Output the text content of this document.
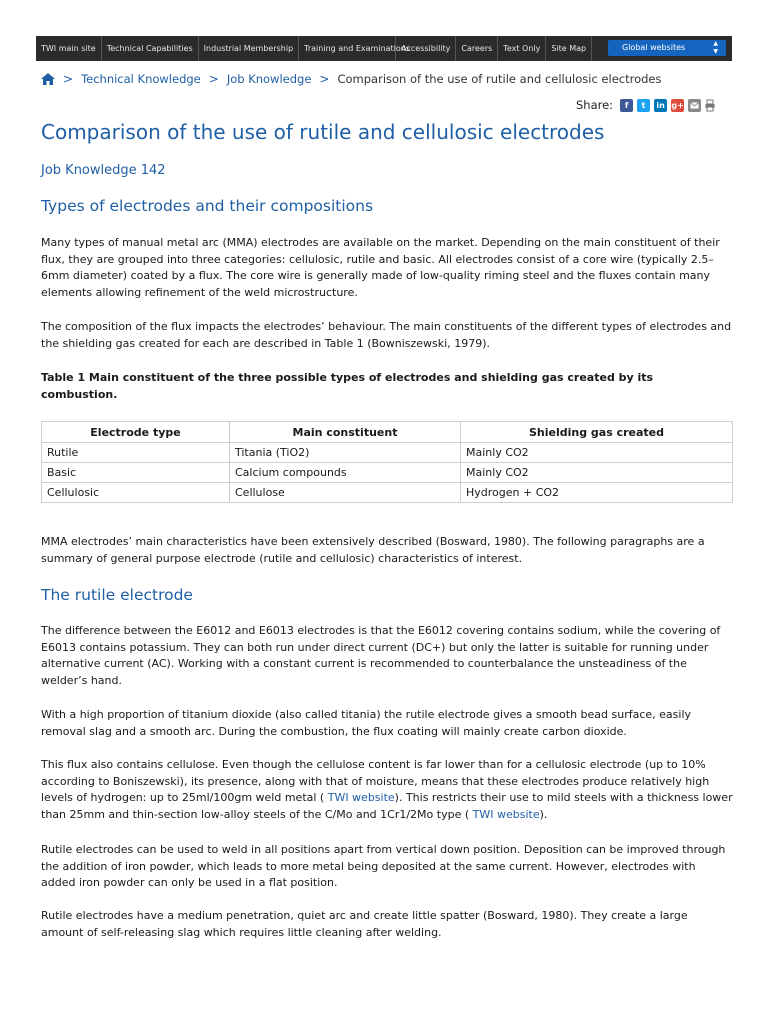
TWI main site	Technical Capabilities	Industrial Membership	Training and Examinations
Accessibility	Careers	Text Only	Site Map	Global websites	▲
▼
> Technical Knowledge > Job Knowledge > Comparison of the use of rutile and cellulosic electrodes
Share:	f	t	in g+
Comparison of the use of rutile and cellulosic electrodes
Job Knowledge 142
Types of electrodes and their compositions

Many types of manual metal arc (MMA) electrodes are available on the market. Depending on the main constituent of their flux, they are grouped into three categories: cellulosic, rutile and basic. All electrodes consist of a core wire (typically 2.5–6mm diameter) coated by a flux. The core wire is generally made of low-quality riming steel and the fluxes contain many elements allowing refinement of the weld microstructure.

The composition of the flux impacts the electrodes’ behaviour. The main constituents of the different types of electrodes and the shielding gas created for each are described in Table 1 (Bowniszewski, 1979).

Table 1 Main constituent of the three possible types of electrodes and shielding gas created by its combustion.

Electrode type	Main constituent	Shielding gas created
Rutile	Titania (TiO2)	Mainly CO2
Basic	Calcium compounds	Mainly CO2
Cellulosic	Cellulose	Hydrogen + CO2

MMA electrodes’ main characteristics have been extensively described (Bosward, 1980). The following paragraphs are a summary of general purpose electrode (rutile and cellulosic) characteristics of interest.

The rutile electrode

The difference between the E6012 and E6013 electrodes is that the E6012 covering contains sodium, while the covering of E6013 contains potassium. They can both run under direct current (DC+) but only the latter is suitable for running under alternative current (AC). Working with a constant current is recommended to counterbalance the unsteadiness of the welder’s hand.

With a high proportion of titanium dioxide (also called titania) the rutile electrode gives a smooth bead surface, easily removal slag and a smooth arc. During the combustion, the flux coating will mainly create carbon dioxide.

This flux also contains cellulose. Even though the cellulose content is far lower than for a cellulosic electrode (up to 10% according to Boniszewski), its presence, along with that of moisture, means that these electrodes produce relatively high levels of hydrogen: up to 25ml/100gm weld metal ( TWI website). This restricts their use to mild steels with a thickness lower than 25mm and thin-section low-alloy steels of the C/Mo and 1Cr1/2Mo type ( TWI website).

Rutile electrodes can be used to weld in all positions apart from vertical down position. Deposition can be improved through the addition of iron powder, which leads to more metal being deposited at the same current. However, electrodes with added iron powder can only be used in a flat position.

Rutile electrodes have a medium penetration, quiet arc and create little spatter (Bosward, 1980). They create a large amount of self-releasing slag which requires little cleaning after welding.
